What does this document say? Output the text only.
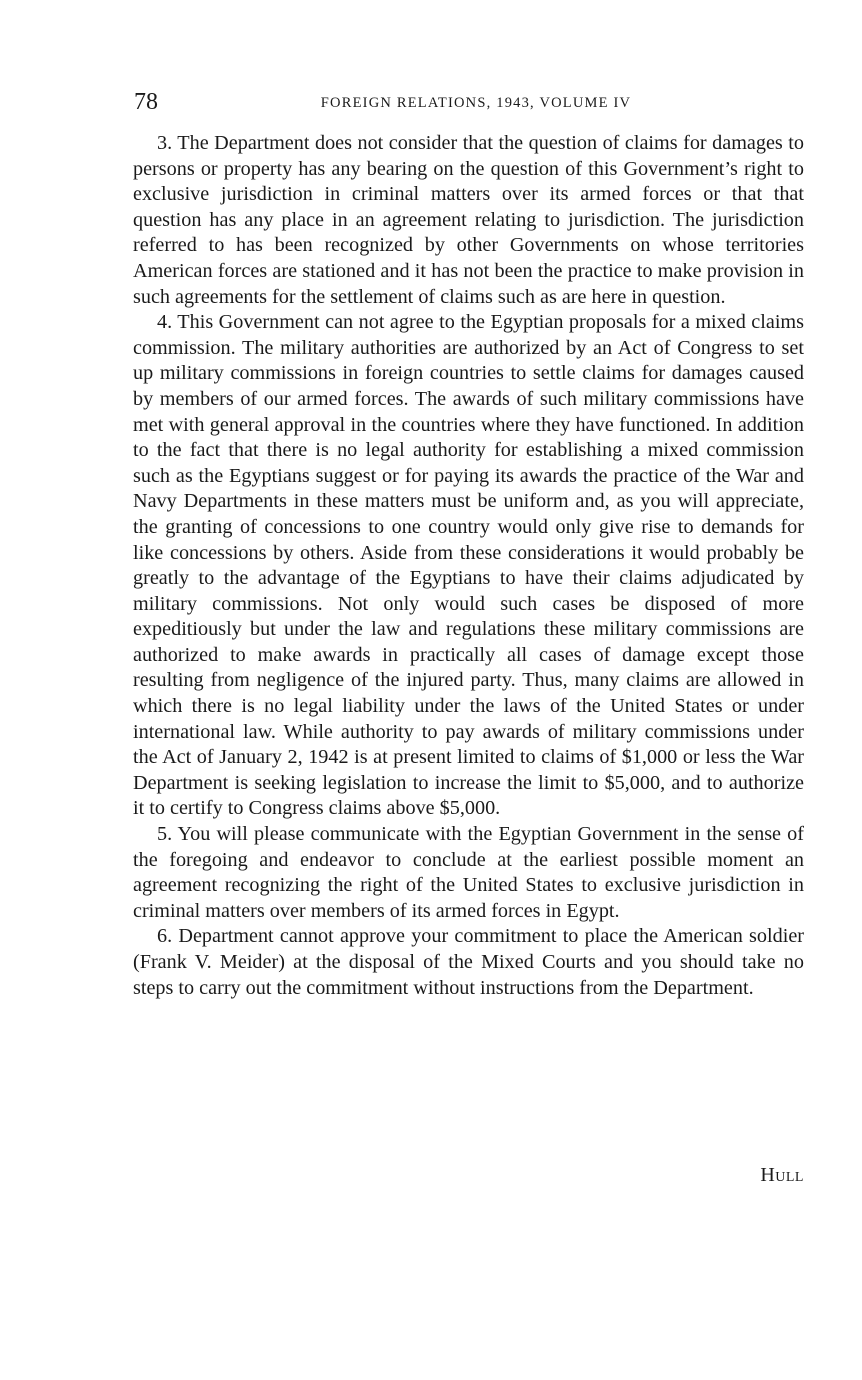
78	FOREIGN RELATIONS, 1943, VOLUME IV

3. The Department does not consider that the question of claims for damages to persons or property has any bearing on the question of this Government’s right to exclusive jurisdiction in criminal matters over its armed forces or that that question has any place in an agreement relating to jurisdiction. The jurisdiction referred to has been recognized by other Governments on whose territories American forces are stationed and it has not been the practice to make provision in such agreements for the settlement of claims such as are here in question.

4. This Government can not agree to the Egyptian proposals for a mixed claims commission. The military authorities are authorized by an Act of Congress to set up military commissions in foreign countries to settle claims for damages caused by members of our armed forces. The awards of such military commissions have met with general approval in the countries where they have functioned. In addition to the fact that there is no legal authority for establishing a mixed commission such as the Egyptians suggest or for paying its awards the practice of the War and Navy Departments in these matters must be uniform and, as you will appreciate, the granting of concessions to one country would only give rise to demands for like concessions by others. Aside from these considerations it would probably be greatly to the advantage of the Egyptians to have their claims adjudicated by military commissions. Not only would such cases be disposed of more expeditiously but under the law and regulations these military commissions are authorized to make awards in practically all cases of damage except those resulting from negligence of the injured party. Thus, many claims are allowed in which there is no legal liability under the laws of the United States or under international law. While authority to pay awards of military commissions under the Act of January 2, 1942 is at present limited to claims of $1,000 or less the War Department is seeking legislation to increase the limit to $5,000, and to authorize it to certify to Congress claims above $5,000.

5. You will please communicate with the Egyptian Government in the sense of the foregoing and endeavor to conclude at the earliest possible moment an agreement recognizing the right of the United States to exclusive jurisdiction in criminal matters over members of its armed forces in Egypt.

6. Department cannot approve your commitment to place the American soldier (Frank V. Meider) at the disposal of the Mixed Courts and you should take no steps to carry out the commitment without instructions from the Department.

Hull
